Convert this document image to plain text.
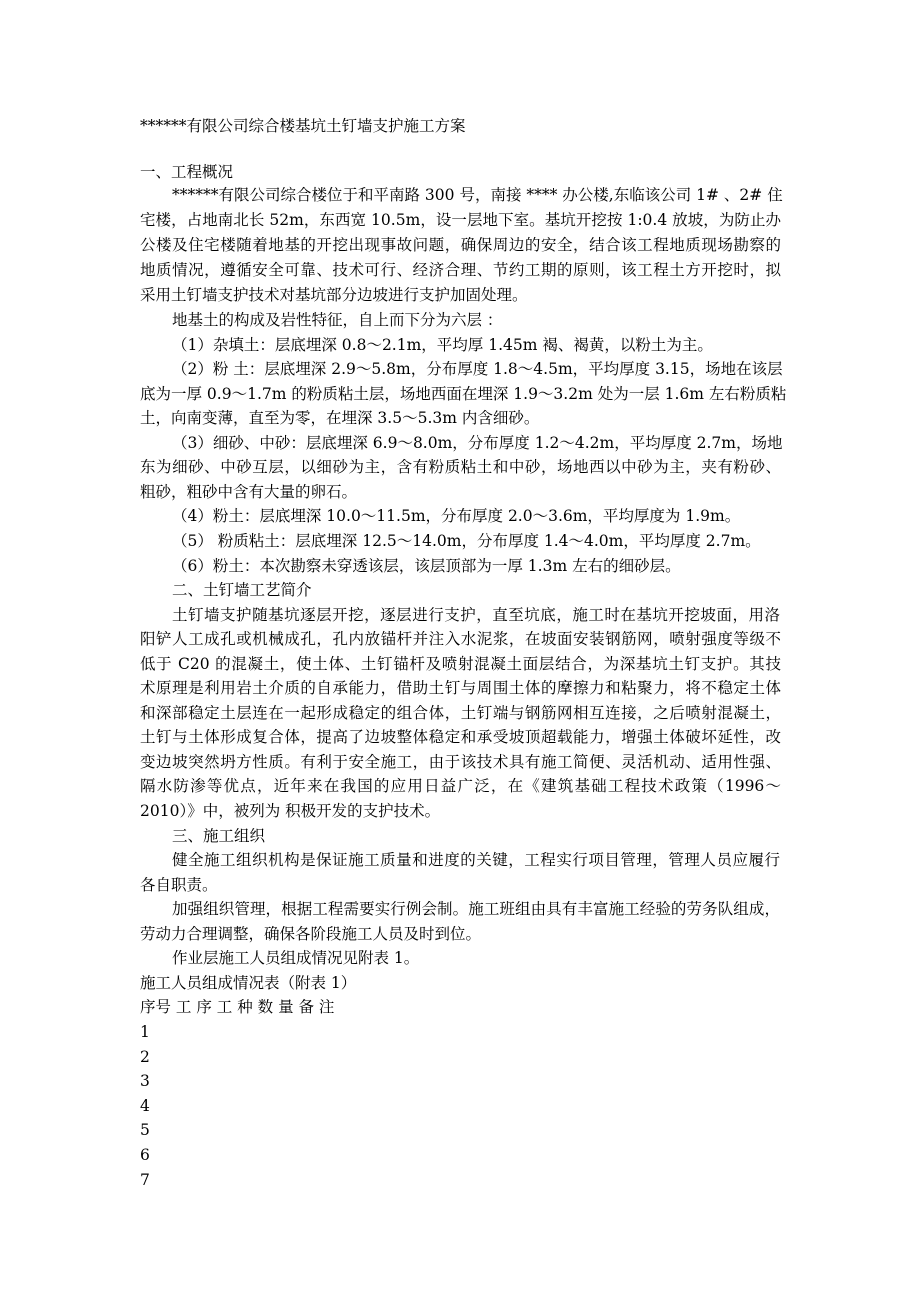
******有限公司综合楼基坑土钉墙支护施工方案
一、工程概况
******有限公司综合楼位于和平南路 300 号，南接 **** 办公楼,东临该公司 1# 、2# 住
宅楼，占地南北长 52m，东西宽 10.5m，设一层地下室。基坑开挖按 1:0.4 放坡，为防止办
公楼及住宅楼随着地基的开挖出现事故问题，确保周边的安全，结合该工程地质现场勘察的
地质情况，遵循安全可靠、技术可行、经济合理、节约工期的原则，该工程土方开挖时，拟
采用土钉墙支护技术对基坑部分边坡进行支护加固处理。
地基土的构成及岩性特征，自上而下分为六层 ：
（1）杂填土：层底埋深 0.8～2.1m，平均厚 1.45m 褐、褐黄，以粉土为主。
（2）粉 土：层底埋深 2.9～5.8m，分布厚度 1.8～4.5m，平均厚度 3.15，场地在该层
底为一厚 0.9～1.7m 的粉质粘土层，场地西面在埋深 1.9～3.2m 处为一层 1.6m 左右粉质粘
土，向南变薄，直至为零，在埋深 3.5～5.3m 内含细砂。
（3）细砂、中砂：层底埋深 6.9～8.0m，分布厚度 1.2～4.2m，平均厚度 2.7m，场地
东为细砂、中砂互层，以细砂为主，含有粉质粘土和中砂，场地西以中砂为主，夹有粉砂、
粗砂，粗砂中含有大量的卵石。
（4）粉土：层底埋深 10.0～11.5m，分布厚度 2.0～3.6m，平均厚度为 1.9m。
（5） 粉质粘土：层底埋深 12.5～14.0m，分布厚度 1.4～4.0m，平均厚度 2.7m。
（6）粉土：本次勘察未穿透该层，该层顶部为一厚 1.3m 左右的细砂层。
二、土钉墙工艺简介
土钉墙支护随基坑逐层开挖，逐层进行支护，直至坑底，施工时在基坑开挖坡面，用洛
阳铲人工成孔或机械成孔，孔内放锚杆并注入水泥浆，在坡面安装钢筋网，喷射强度等级不
低于 C20 的混凝土，使土体、土钉锚杆及喷射混凝土面层结合，为深基坑土钉支护。其技
术原理是利用岩土介质的自承能力，借助土钉与周围土体的摩擦力和粘聚力，将不稳定土体
和深部稳定土层连在一起形成稳定的组合体，土钉端与钢筋网相互连接，之后喷射混凝土，
土钉与土体形成复合体，提高了边坡整体稳定和承受坡顶超载能力，增强土体破坏延性，改
变边坡突然坍方性质。有利于安全施工，由于该技术具有施工简便、灵活机动、适用性强、
隔水防渗等优点，近年来在我国的应用日益广泛，在《建筑基础工程技术政策（1996～
2010）》中，被列为 积极开发的支护技术。
三、施工组织
健全施工组织机构是保证施工质量和进度的关键，工程实行项目管理，管理人员应履行
各自职责。
加强组织管理，根据工程需要实行例会制。施工班组由具有丰富施工经验的劳务队组成，
劳动力合理调整，确保各阶段施工人员及时到位。
作业层施工人员组成情况见附表 1。
施工人员组成情况表（附表 1）
序号 工 序 工 种 数 量 备 注
1
2
3
4
5
6
7
